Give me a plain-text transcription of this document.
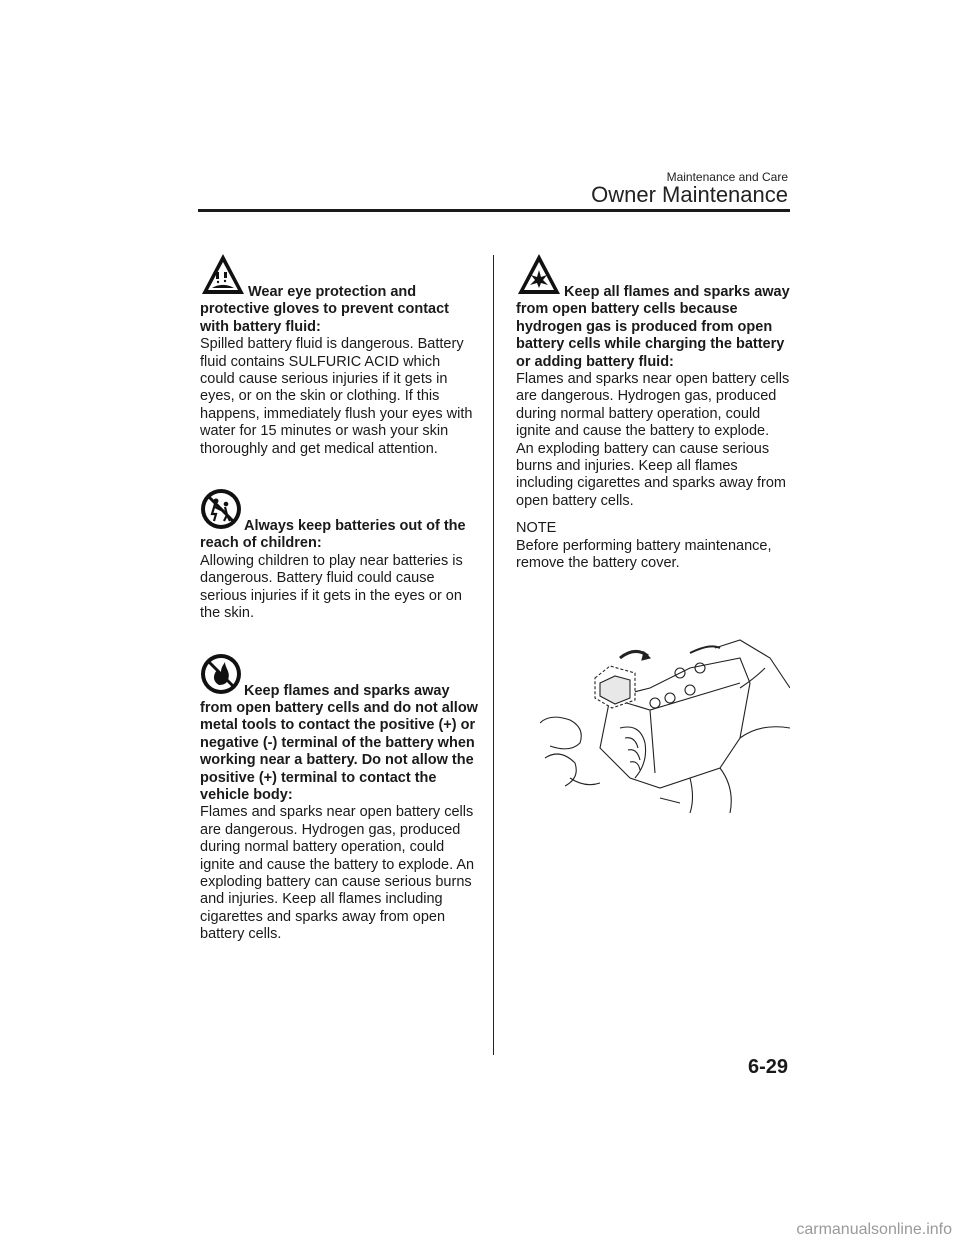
Maintenance and Care
Owner Maintenance
Wear eye protection and protective gloves to prevent contact with battery fluid:
Spilled battery fluid is dangerous. Battery fluid contains SULFURIC ACID which could cause serious injuries if it gets in eyes, or on the skin or clothing. If this happens, immediately flush your eyes with water for 15 minutes or wash your skin thoroughly and get medical attention.
Always keep batteries out of the reach of children:
Allowing children to play near batteries is dangerous. Battery fluid could cause serious injuries if it gets in the eyes or on the skin.
Keep flames and sparks away from open battery cells and do not allow metal tools to contact the positive (+) or negative (-) terminal of the battery when working near a battery. Do not allow the positive (+) terminal to contact the vehicle body:
Flames and sparks near open battery cells are dangerous. Hydrogen gas, produced during normal battery operation, could ignite and cause the battery to explode. An exploding battery can cause serious burns and injuries. Keep all flames including cigarettes and sparks away from open battery cells.
Keep all flames and sparks away from open battery cells because hydrogen gas is produced from open battery cells while charging the battery or adding battery fluid:
Flames and sparks near open battery cells are dangerous. Hydrogen gas, produced during normal battery operation, could ignite and cause the battery to explode. An exploding battery can cause serious burns and injuries. Keep all flames including cigarettes and sparks away from open battery cells.
NOTE
Before performing battery maintenance, remove the battery cover.
6-29
carmanualsonline.info
